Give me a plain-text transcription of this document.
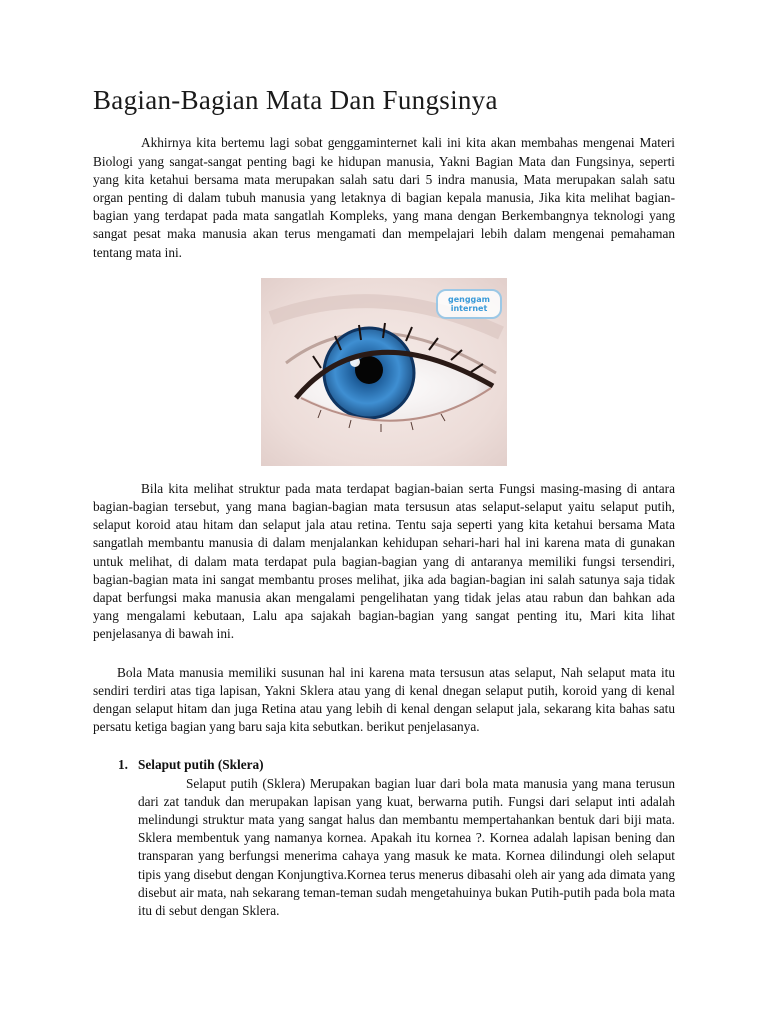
Bagian-Bagian Mata Dan Fungsinya

Akhirnya kita bertemu lagi sobat genggaminternet kali ini kita akan membahas mengenai Materi Biologi yang sangat-sangat penting bagi ke hidupan manusia, Yakni Bagian Mata dan Fungsinya, seperti yang kita ketahui bersama mata merupakan salah satu dari 5 indra manusia, Mata merupakan salah satu organ penting di dalam tubuh manusia yang letaknya di bagian kepala manusia, Jika kita melihat bagian-bagian yang terdapat pada mata sangatlah Kompleks, yang mana dengan Berkembangnya teknologi yang sangat pesat maka manusia akan terus mengamati dan mempelajari lebih dalam mengenai pemahaman tentang mata ini.

genggam internet

Bila kita melihat struktur pada mata terdapat bagian-baian serta Fungsi masing-masing di antara bagian-bagian tersebut, yang mana bagian-bagian mata tersusun atas selaput-selaput yaitu selaput putih, selaput koroid atau hitam dan selaput jala atau retina. Tentu saja seperti yang kita ketahui bersama Mata sangatlah membantu manusia di dalam menjalankan kehidupan sehari-hari hal ini karena mata di gunakan untuk melihat, di dalam mata terdapat pula bagian-bagian yang di antaranya memiliki fungsi tersendiri, bagian-bagian mata ini sangat membantu proses melihat, jika ada bagian-bagian ini salah satunya saja tidak dapat berfungsi maka manusia akan mengalami pengelihatan yang tidak jelas atau rabun dan bahkan ada yang mengalami kebutaan, Lalu apa sajakah bagian-bagian yang sangat penting itu, Mari kita lihat penjelasanya di bawah ini.

Bola Mata manusia memiliki susunan hal ini karena mata tersusun atas selaput, Nah selaput mata itu sendiri terdiri atas tiga lapisan, Yakni Sklera atau yang di kenal dnegan selaput putih, koroid yang di kenal dengan selaput hitam dan juga Retina atau yang lebih di kenal dengan selaput jala, sekarang kita bahas satu persatu ketiga bagian yang baru saja kita sebutkan. berikut penjelasanya.

1. Selaput putih (Sklera)

Selaput putih (Sklera) Merupakan bagian luar dari bola mata manusia yang mana terusun dari zat tanduk dan merupakan lapisan yang kuat, berwarna putih. Fungsi dari selaput inti adalah melindungi struktur mata yang sangat halus dan membantu mempertahankan bentuk dari biji mata. Sklera membentuk yang namanya kornea. Apakah itu kornea ?. Kornea adalah lapisan bening dan transparan yang berfungsi menerima cahaya yang masuk ke mata. Kornea dilindungi oleh selaput tipis yang disebut dengan Konjungtiva.Kornea terus menerus dibasahi oleh air yang ada dimata yang disebut air mata, nah sekarang teman-teman sudah mengetahuinya bukan Putih-putih pada bola mata itu di sebut dengan Sklera.
